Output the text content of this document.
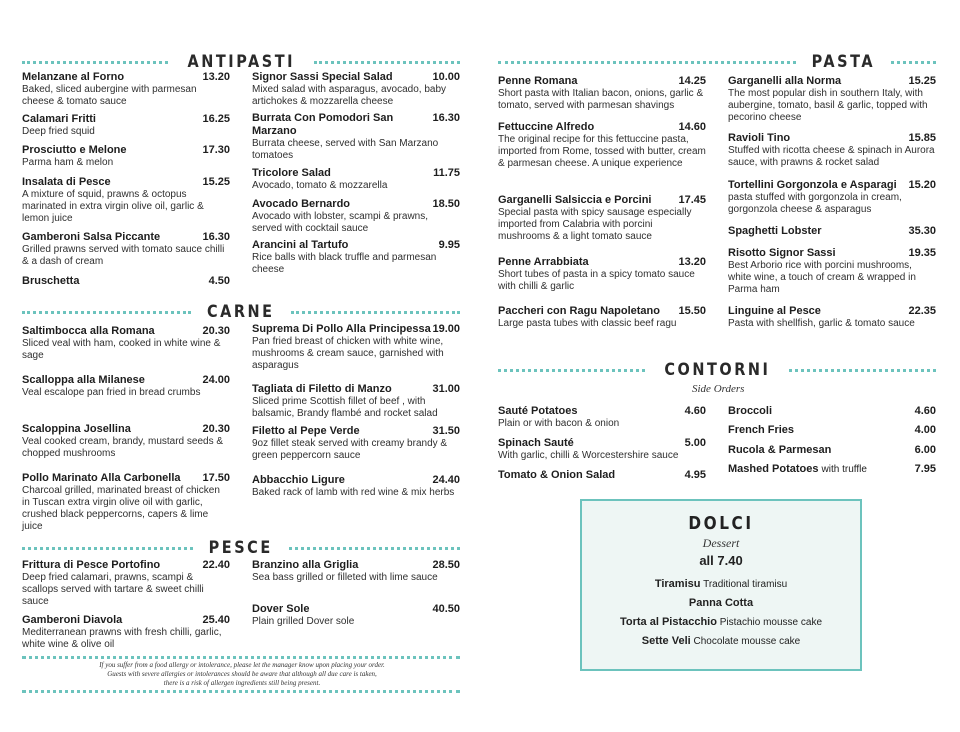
ANTIPASTI
Melanzane al Forno	13.20
Baked, sliced aubergine with parmesan cheese & tomato sauce
Calamari Fritti	16.25
Deep fried squid
Prosciutto e Melone	17.30
Parma ham & melon
Insalata di Pesce	15.25
A mixture of squid, prawns & octopus marinated in extra virgin olive oil, garlic & lemon juice
Gamberoni Salsa Piccante	16.30
Grilled prawns served with tomato sauce chilli & a dash of cream
Bruschetta	4.50
Signor Sassi Special Salad	10.00
Mixed salad with asparagus, avocado, baby artichokes & mozzarella cheese
Burrata Con Pomodori San Marzano
16.30
Burrata cheese, served with San Marzano tomatoes
Tricolore Salad	11.75
Avocado, tomato & mozzarella
Avocado Bernardo	18.50
Avocado with lobster, scampi & prawns, served with cocktail sauce
Arancini al Tartufo	9.95
Rice balls with black truffle and parmesan cheese
CARNE
Saltimbocca alla Romana	20.30
Sliced veal with ham, cooked in white wine & sage
Scalloppa alla Milanese	24.00
Veal escalope pan fried in bread crumbs
Scaloppina Josellina	20.30
Veal cooked cream, brandy, mustard seeds & chopped mushrooms
Pollo Marinato Alla Carbonella 17.50
Charcoal grilled, marinated breast of chicken in Tuscan extra virgin olive oil with garlic, crushed black peppercorns, capers & lime juice
Suprema Di Pollo Alla Principessa 19.00
Pan fried breast of chicken with white wine, mushrooms & cream sauce, garnished with asparagus
Tagliata di Filetto di Manzo	31.00
Sliced prime Scottish fillet of beef , with balsamic, Brandy flambé and rocket salad
Filetto al Pepe Verde	31.50
9oz fillet steak served with creamy brandy & green peppercorn sauce
Abbacchio Ligure	24.40
Baked rack of lamb with red wine & mix herbs
PESCE
Frittura di Pesce Portofino	22.40
Deep fried calamari, prawns, scampi & scallops served with tartare & sweet chilli sauce
Gamberoni Diavola	25.40
Mediterranean prawns with fresh chilli, garlic, white wine & olive oil
Branzino alla Griglia	28.50
Sea bass grilled or filleted with lime sauce
Dover Sole	40.50
Plain grilled Dover sole
If you suffer from a food allergy or intolerance, please let the manager know upon placing your order.
Guests with severe allergies or intolerances should be aware that although all due care is taken,
there is a risk of allergen ingredients still being present.
PASTA
Penne Romana	14.25
Short pasta with Italian bacon, onions, garlic & tomato, served with parmesan shavings
Fettuccine Alfredo	14.60
The original recipe for this fettuccine pasta, imported from Rome, tossed with butter, cream & parmesan cheese. A unique experience
Garganelli Salsiccia e Porcini 17.45
Special pasta with spicy sausage especially imported from Calabria with porcini mushrooms & a light tomato sauce
Penne Arrabbiata	13.20
Short tubes of pasta in a spicy tomato sauce with chilli & garlic
Paccheri con Ragu Napoletano 15.50
Large pasta tubes with classic beef ragu
Garganelli alla Norma	15.25
The most popular dish in southern Italy, with aubergine, tomato, basil & garlic, topped with pecorino cheese
Ravioli Tino	15.85
Stuffed with ricotta cheese & spinach in Aurora sauce, with prawns & rocket salad
Tortellini Gorgonzola e Asparagi 15.20
pasta stuffed with gorgonzola in cream, gorgonzola cheese & asparagus
Spaghetti Lobster	35.30
Risotto Signor Sassi	19.35
Best Arborio rice with porcini mushrooms, white wine, a touch of cream & wrapped in Parma ham
Linguine al Pesce	22.35
Pasta with shellfish, garlic & tomato sauce
CONTORNI
Side Orders
Sauté Potatoes	4.60
Plain or with bacon & onion
Spinach Sauté	5.00
With garlic, chilli & Worcestershire sauce
Tomato & Onion Salad	4.95
Broccoli	4.60
French Fries	4.00
Rucola & Parmesan	6.00
Mashed Potatoes with truffle	7.95
DOLCI
Dessert
all 7.40
Tiramisu Traditional tiramisu
Panna Cotta
Torta al Pistacchio Pistachio mousse cake
Sette Veli Chocolate mousse cake
